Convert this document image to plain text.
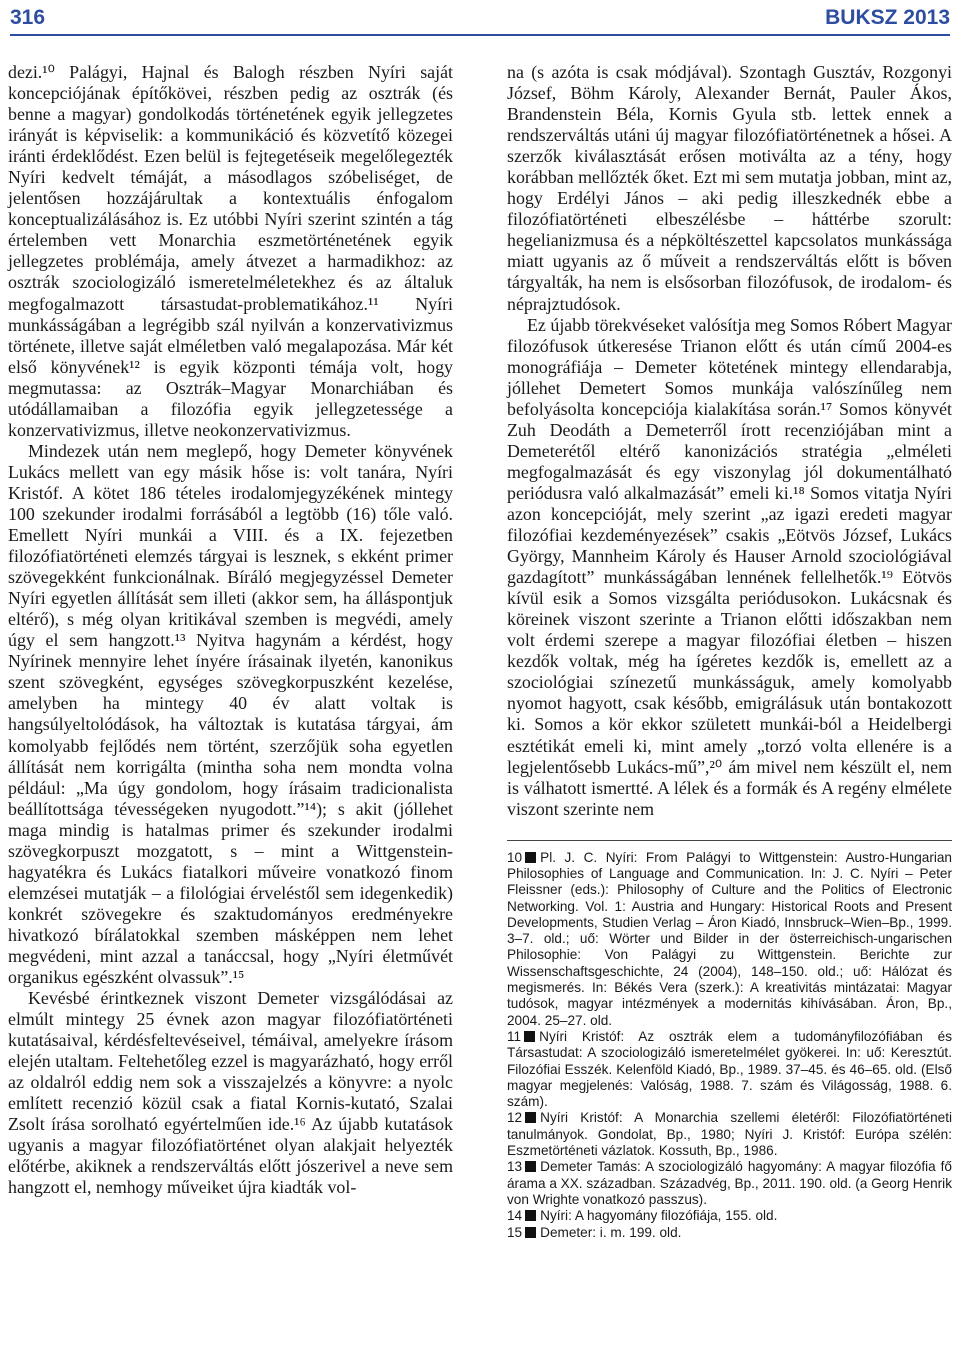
316	BUKSZ 2013

dezi.¹⁰ Palágyi, Hajnal és Balogh részben Nyíri saját koncepciójának építőkövei, részben pedig az osztrák (és benne a magyar) gondolkodás történetének egyik jellegzetes irányát is képviselik: a kommunikáció és közvetítő közegei iránti érdeklődést. Ezen belül is fejtegetéseik megelőlegezték Nyíri kedvelt témáját, a másodlagos szóbeliséget, de jelentősen hozzájárultak a kontextuális énfogalom konceptualizálásához is. Ez utóbbi Nyíri szerint szintén a tág értelemben vett Monarchia eszmetörténetének egyik jellegzetes problémája, amely átvezet a harmadikhoz: az osztrák szociologizáló ismeretelméletekhez és az általuk megfogalmazott társastudat-problematikához.¹¹ Nyíri munkásságában a legrégibb szál nyilván a konzervativizmus története, illetve saját elméletben való megalapozása. Már két első könyvének¹² is egyik központi témája volt, hogy megmutassa: az Osztrák–Magyar Monarchiában és utódállamaiban a filozófia egyik jellegzetessége a konzervativizmus, illetve neokonzervativizmus.

Mindezek után nem meglepő, hogy Demeter könyvének Lukács mellett van egy másik hőse is: volt tanára, Nyíri Kristóf. A kötet 186 tételes irodalomjegyzékének mintegy 100 szekunder irodalmi forrásából a legtöbb (16) tőle való. Emellett Nyíri munkái a VIII. és a IX. fejezetben filozófiatörténeti elemzés tárgyai is lesznek, s ekként primer szövegekként funkcionálnak. Bíráló megjegyzéssel Demeter Nyíri egyetlen állítását sem illeti (akkor sem, ha álláspontjuk eltérő), s még olyan kritikával szemben is megvédi, amely úgy el sem hangzott.¹³ Nyitva hagynám a kérdést, hogy Nyírinek mennyire lehet ínyére írásainak ilyetén, kanonikus szent szövegként, egységes szövegkorpuszként kezelése, amelyben ha mintegy 40 év alatt voltak is hangsúlyeltolódások, ha változtak is kutatása tárgyai, ám komolyabb fejlődés nem történt, szerzőjük soha egyetlen állítását nem korrigálta (mintha soha nem mondta volna például: „Ma úgy gondolom, hogy írásaim tradicionalista beállítottsága tévességeken nyugodott.”¹⁴); s akit (jóllehet maga mindig is hatalmas primer és szekunder irodalmi szövegkorpuszt mozgatott, s – mint a Wittgenstein-hagyatékra és Lukács fiatalkori műveire vonatkozó finom elemzései mutatják – a filológiai érveléstől sem idegenkedik) konkrét szövegekre és szaktudományos eredményekre hivatkozó bírálatokkal szemben másképpen nem lehet megvédeni, mint azzal a tanáccsal, hogy „Nyíri életművét organikus egészként olvassuk”.¹⁵

Kevésbé érintkeznek viszont Demeter vizsgálódásai az elmúlt mintegy 25 évnek azon magyar filozófiatörténeti kutatásaival, kérdésfeltevéseivel, témáival, amelyekre írásom elején utaltam. Feltehetőleg ezzel is magyarázható, hogy erről az oldalról eddig nem sok a visszajelzés a könyvre: a nyolc említett recenzió közül csak a fiatal Kornis-kutató, Szalai Zsolt írása sorolható egyértelműen ide.¹⁶ Az újabb kutatások ugyanis a magyar filozófiatörténet olyan alakjait helyezték előtérbe, akiknek a rendszerváltás előtt jószerivel a neve sem hangzott el, nemhogy műveiket újra kiadták vol-

na (s azóta is csak módjával). Szontagh Gusztáv, Rozgonyi József, Böhm Károly, Alexander Bernát, Pauler Ákos, Brandenstein Béla, Kornis Gyula stb. lettek ennek a rendszerváltás utáni új magyar filozófiatörténetnek a hősei. A szerzők kiválasztását erősen motiválta az a tény, hogy korábban mellőzték őket. Ezt mi sem mutatja jobban, mint az, hogy Erdélyi János – aki pedig illeszkednék ebbe a filozófiatörténeti elbeszélésbe – háttérbe szorult: hegelianizmusa és a népköltészettel kapcsolatos munkássága miatt ugyanis az ő műveit a rendszerváltás előtt is bőven tárgyalták, ha nem is elsősorban filozófusok, de irodalom- és néprajztudósok.

Ez újabb törekvéseket valósítja meg Somos Róbert Magyar filozófusok útkeresése Trianon előtt és után című 2004-es monográfiája – Demeter kötetének mintegy ellendarabja, jóllehet Demetert Somos munkája valószínűleg nem befolyásolta koncepciója kialakítása során.¹⁷ Somos könyvét Zuh Deodáth a Demeterről írott recenziójában mint a Demeterétől eltérő kanonizációs stratégia „elméleti megfogalmazását és egy viszonylag jól dokumentálható periódusra való alkalmazását” emeli ki.¹⁸ Somos vitatja Nyíri azon koncepcióját, mely szerint „az igazi eredeti magyar filozófiai kezdeményezések” csakis „Eötvös József, Lukács György, Mannheim Károly és Hauser Arnold szociológiával gazdagított” munkásságában lennének fellelhetők.¹⁹ Eötvös kívül esik a Somos vizsgálta periódusokon. Lukácsnak és köreinek viszont szerinte a Trianon előtti időszakban nem volt érdemi szerepe a magyar filozófiai életben – hiszen kezdők voltak, még ha ígéretes kezdők is, emellett az a szociológiai színezetű munkásságuk, amely komolyabb nyomot hagyott, csak később, emigrálásuk után bontakozott ki. Somos a kör ekkor született munkái-ból a Heidelbergi esztétikát emeli ki, mint amely „torzó volta ellenére is a legjelentősebb Lukács-mű”,²⁰ ám mivel nem készült el, nem is válhatott ismertté. A lélek és a formák és A regény elmélete viszont szerinte nem

10 Pl. J. C. Nyíri: From Palágyi to Wittgenstein: Austro-Hungarian Philosophies of Language and Communication. In: J. C. Nyíri – Peter Fleissner (eds.): Philosophy of Culture and the Politics of Electronic Networking. Vol. 1: Austria and Hungary: Historical Roots and Present Developments, Studien Verlag – Áron Kiadó, Innsbruck–Wien–Bp., 1999. 3–7. old.; uő: Wörter und Bilder in der österreichisch-ungarischen Philosophie: Von Palágyi zu Wittgenstein. Berichte zur Wissenschaftsgeschichte, 24 (2004), 148–150. old.; uő: Hálózat és megismerés. In: Békés Vera (szerk.): A kreativitás mintázatai: Magyar tudósok, magyar intézmények a modernitás kihívásában. Áron, Bp., 2004. 25–27. old.

11 Nyíri Kristóf: Az osztrák elem a tudományfilozófiában és Társastudat: A szociologizáló ismeretelmélet gyökerei. In: uő: Keresztút. Filozófiai Esszék. Kelenföld Kiadó, Bp., 1989. 37–45. és 46–65. old. (Első magyar megjelenés: Valóság, 1988. 7. szám és Világosság, 1988. 6. szám).

12 Nyíri Kristóf: A Monarchia szellemi életéről: Filozófiatörténeti tanulmányok. Gondolat, Bp., 1980; Nyíri J. Kristóf: Európa szélén: Eszmetörténeti vázlatok. Kossuth, Bp., 1986.

13 Demeter Tamás: A szociologizáló hagyomány: A magyar filozófia fő árama a XX. században. Századvég, Bp., 2011. 190. old. (a Georg Henrik von Wrighte vonatkozó passzus).

14 Nyíri: A hagyomány filozófiája, 155. old.

15 Demeter: i. m. 199. old.
